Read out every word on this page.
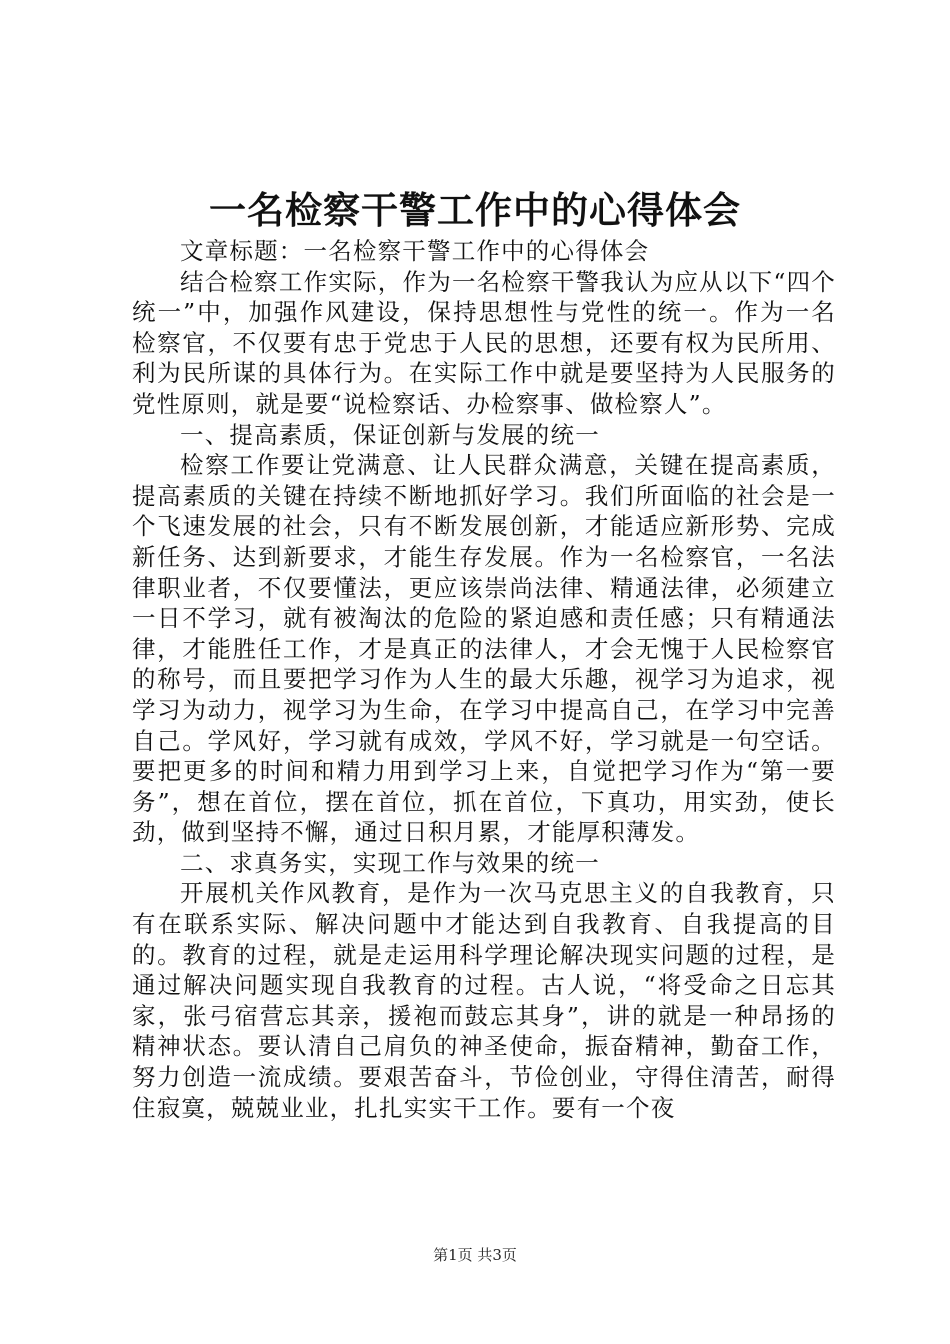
一名检察干警工作中的心得体会

文章标题：一名检察干警工作中的心得体会

结合检察工作实际，作为一名检察干警我认为应从以下“四个统一”中，加强作风建设，保持思想性与党性的统一。作为一名检察官，不仅要有忠于党忠于人民的思想，还要有权为民所用、利为民所谋的具体行为。在实际工作中就是要坚持为人民服务的党性原则，就是要“说检察话、办检察事、做检察人”。

一、提高素质，保证创新与发展的统一

检察工作要让党满意、让人民群众满意，关键在提高素质，提高素质的关键在持续不断地抓好学习。我们所面临的社会是一个飞速发展的社会，只有不断发展创新，才能适应新形势、完成新任务、达到新要求，才能生存发展。作为一名检察官，一名法律职业者，不仅要懂法，更应该崇尚法律、精通法律，必须建立一日不学习，就有被淘汰的危险的紧迫感和责任感；只有精通法律，才能胜任工作，才是真正的法律人，才会无愧于人民检察官的称号，而且要把学习作为人生的最大乐趣，视学习为追求，视学习为动力，视学习为生命，在学习中提高自己，在学习中完善自己。学风好，学习就有成效，学风不好，学习就是一句空话。要把更多的时间和精力用到学习上来，自觉把学习作为“第一要务”，想在首位，摆在首位，抓在首位，下真功，用实劲，使长劲，做到坚持不懈，通过日积月累，才能厚积薄发。

二、求真务实，实现工作与效果的统一

开展机关作风教育，是作为一次马克思主义的自我教育，只有在联系实际、解决问题中才能达到自我教育、自我提高的目的。教育的过程，就是走运用科学理论解决现实问题的过程，是通过解决问题实现自我教育的过程。古人说，“将受命之日忘其家，张弓宿营忘其亲，援袍而鼓忘其身”，讲的就是一种昂扬的精神状态。要认清自己肩负的神圣使命，振奋精神，勤奋工作，努力创造一流成绩。要艰苦奋斗，节俭创业，守得住清苦，耐得住寂寞，兢兢业业，扎扎实实干工作。要有一个夜

第1页 共3页
